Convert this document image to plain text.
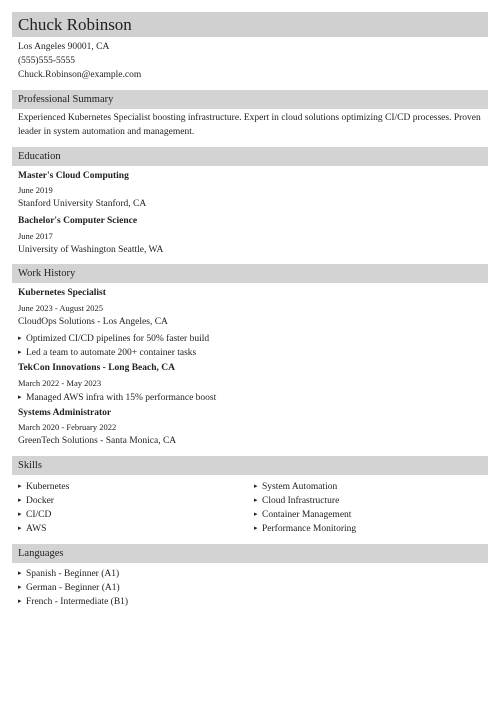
Chuck Robinson
Los Angeles 90001, CA
(555)555-5555
Chuck.Robinson@example.com
Professional Summary
Experienced Kubernetes Specialist boosting infrastructure. Expert in cloud solutions optimizing CI/CD processes. Proven leader in system automation and management.
Education
Master's Cloud Computing
June 2019
Stanford University Stanford, CA
Bachelor's Computer Science
June 2017
University of Washington Seattle, WA
Work History
Kubernetes Specialist
June 2023 - August 2025
CloudOps Solutions - Los Angeles, CA
▸ Optimized CI/CD pipelines for 50% faster build
▸ Led a team to automate 200+ container tasks
TekCon Innovations - Long Beach, CA
March 2022 - May 2023
▸ Managed AWS infra with 15% performance boost
Systems Administrator
March 2020 - February 2022
GreenTech Solutions - Santa Monica, CA
Skills
▸ Kubernetes
▸ Docker
▸ CI/CD
▸ AWS
▸ System Automation
▸ Cloud Infrastructure
▸ Container Management
▸ Performance Monitoring
Languages
▸ Spanish - Beginner (A1)
▸ German - Beginner (A1)
▸ French - Intermediate (B1)
